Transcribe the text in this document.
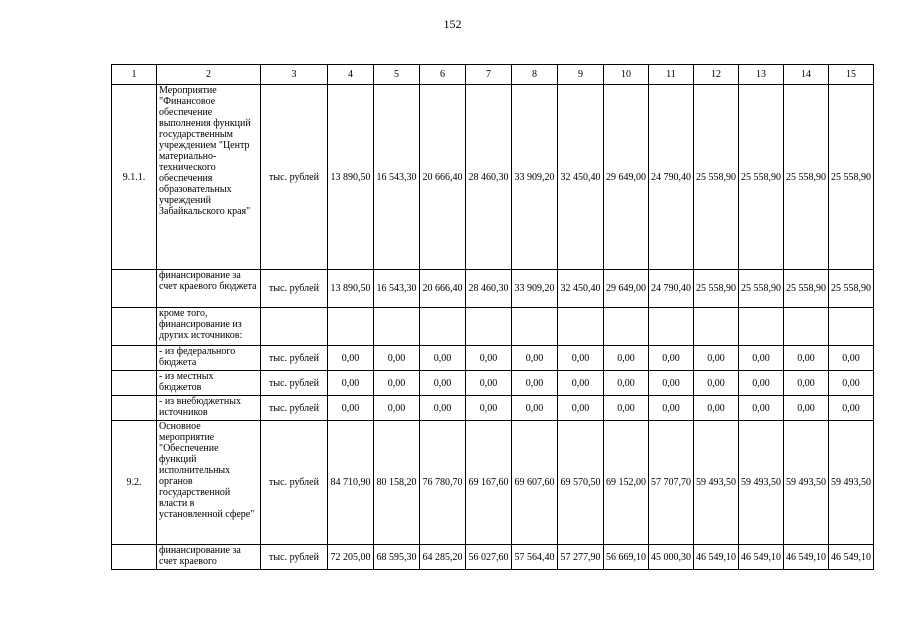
152
1	2	3	4	5	6	7	8	9	10	11	12	13	14	15
9.1.1.	Мероприятие "Финансовое обеспечение выполнения функций государственным учреждением "Центр материально-технического обеспечения образовательных учреждений Забайкальского края"	тыс. рублей	13 890,50	16 543,30	20 666,40	28 460,30	33 909,20	32 450,40	29 649,00	24 790,40	25 558,90	25 558,90	25 558,90	25 558,90
	финансирование за счет краевого бюджета	тыс. рублей	13 890,50	16 543,30	20 666,40	28 460,30	33 909,20	32 450,40	29 649,00	24 790,40	25 558,90	25 558,90	25 558,90	25 558,90
	кроме того, финансирование из других источников:													
	- из федерального бюджета	тыс. рублей	0,00	0,00	0,00	0,00	0,00	0,00	0,00	0,00	0,00	0,00	0,00	0,00
	- из местных бюджетов	тыс. рублей	0,00	0,00	0,00	0,00	0,00	0,00	0,00	0,00	0,00	0,00	0,00	0,00
	- из внебюджетных источников	тыс. рублей	0,00	0,00	0,00	0,00	0,00	0,00	0,00	0,00	0,00	0,00	0,00	0,00
9.2.	Основное мероприятие "Обеспечение функций исполнительных органов государственной власти в установленной сфере"	тыс. рублей	84 710,90	80 158,20	76 780,70	69 167,60	69 607,60	69 570,50	69 152,00	57 707,70	59 493,50	59 493,50	59 493,50	59 493,50
	финансирование за счет краевого	тыс. рублей	72 205,00	68 595,30	64 285,20	56 027,60	57 564,40	57 277,90	56 669,10	45 000,30	46 549,10	46 549,10	46 549,10	46 549,10
